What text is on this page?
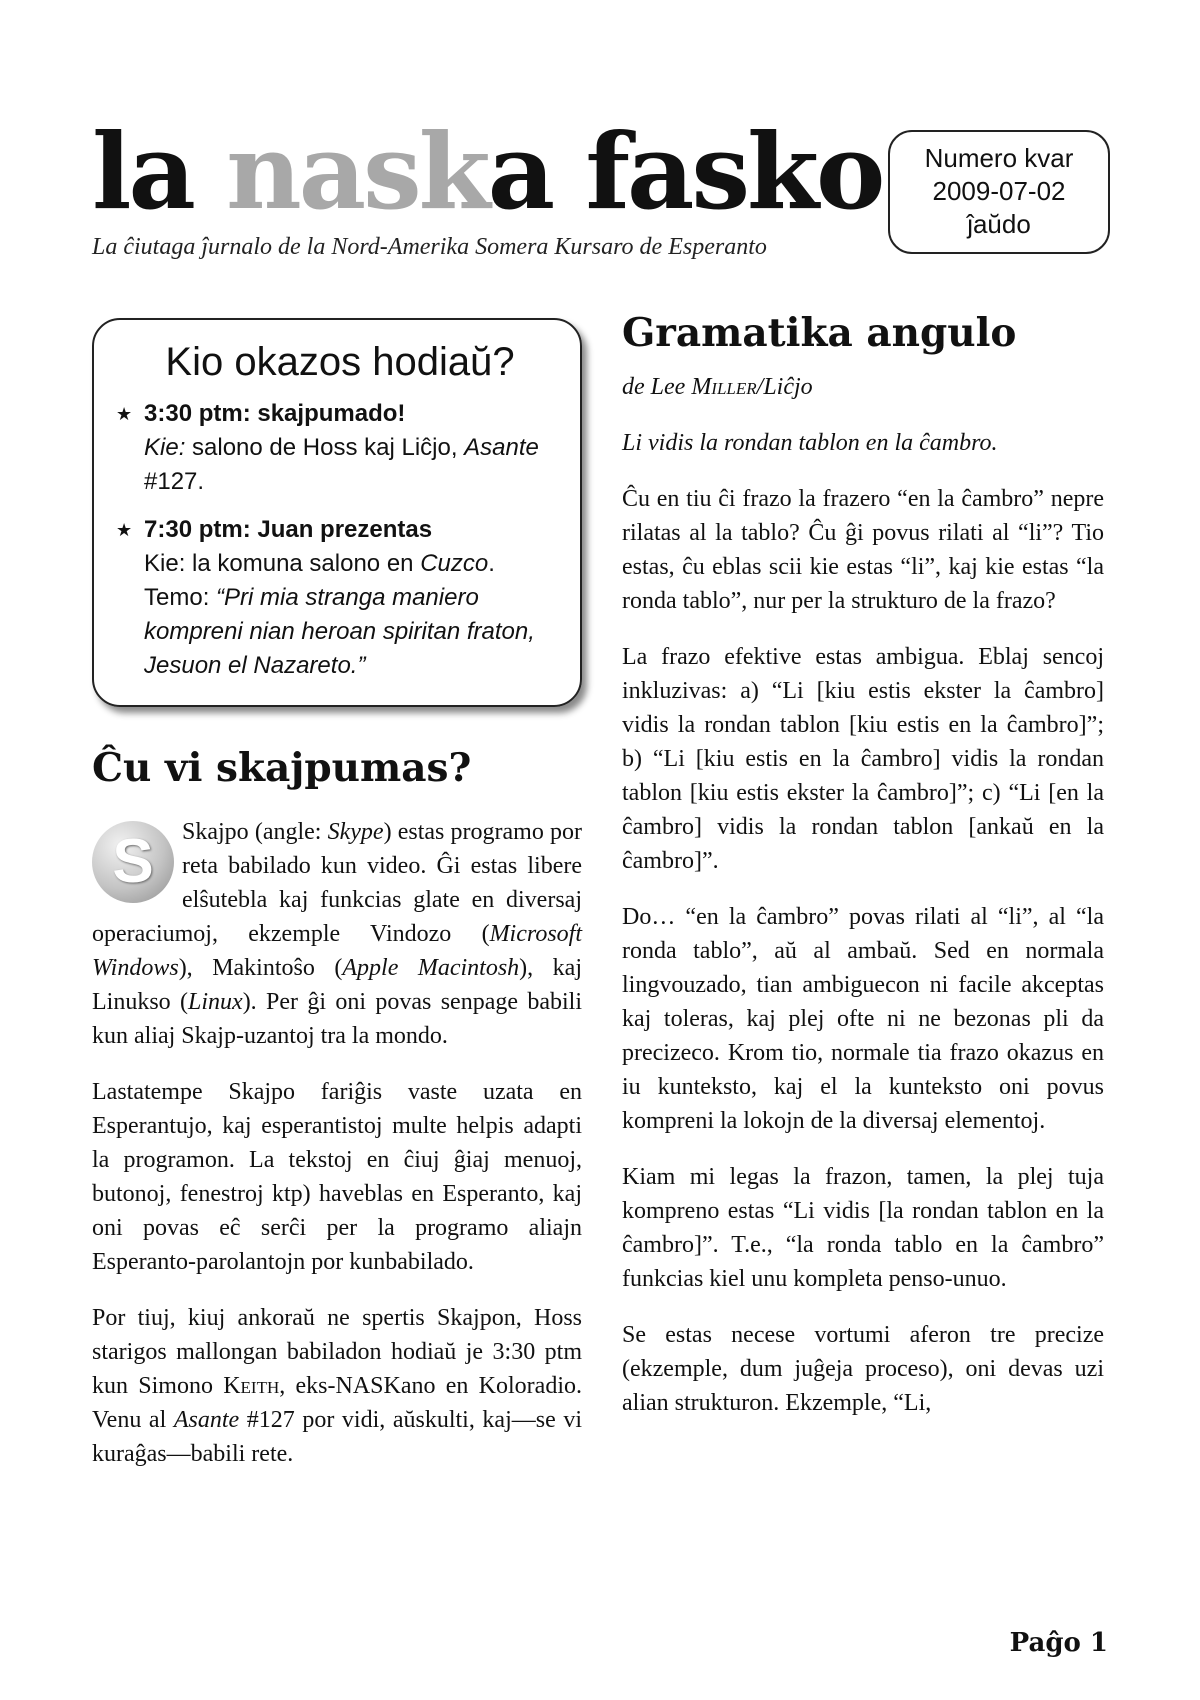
la naska fasko
La ĉiutaga ĵurnalo de la Nord-Amerika Somera Kursaro de Esperanto
Numero kvar
2009-07-02
ĵaŭdo
Kio okazos hodiaŭ?
★ 3:30 ptm: skajpumado!
Kie: salono de Hoss kaj Liĉjo, Asante #127.
★ 7:30 ptm: Juan prezentas
Kie: la komuna salono en Cuzco.
Temo: “Pri mia stranga maniero kompreni nian heroan spiritan fraton, Jesuon el Nazareto.”
Ĉu vi skajpumas?

S	Skajpo (angle: Skype) estas programo por reta babilado kun video. Ĝi estas libere elŝutebla kaj funkcias glate en diversaj operaciumoj, ekzemple Vindozo (Microsoft Windows), Makintoŝo (Apple Macintosh), kaj Linukso (Linux). Per ĝi oni povas senpage babili kun aliaj Skajp-uzantoj tra la mondo.

Lastatempe Skajpo fariĝis vaste uzata en Esperantujo, kaj esperantistoj multe helpis adapti la programon. La tekstoj en ĉiuj ĝiaj menuoj, butonoj, fenestroj ktp) haveblas en Esperanto, kaj oni povas eĉ serĉi per la programo aliajn Esperanto-parolantojn por kunbabilado.

Por tiuj, kiuj ankoraŭ ne spertis Skajpon, Hoss starigos mallongan babiladon hodiaŭ je 3:30 ptm kun Simono Keith, eks-NASKano en Koloradio. Venu al Asante #127 por vidi, aŭskulti, kaj—se vi kuraĝas—babili rete.

Gramatika angulo

de Lee Miller/Liĉjo

Li vidis la rondan tablon en la ĉambro.

Ĉu en tiu ĉi frazo la frazero “en la ĉambro” nepre rilatas al la tablo? Ĉu ĝi povus rilati al “li”? Tio estas, ĉu eblas scii kie estas “li”, kaj kie estas “la ronda tablo”, nur per la strukturo de la frazo?

La frazo efektive estas ambigua. Eblaj sencoj inkluzivas: a) “Li [kiu estis ekster la ĉambro] vidis la rondan tablon [kiu estis en la ĉambro]”; b) “Li [kiu estis en la ĉambro] vidis la rondan tablon [kiu estis ekster la ĉambro]”; c) “Li [en la ĉambro] vidis la rondan tablon [ankaŭ en la ĉambro]”.

Do… “en la ĉambro” povas rilati al “li”, al “la ronda tablo”, aŭ al ambaŭ. Sed en normala lingvouzado, tian ambiguecon ni facile akceptas kaj toleras, kaj plej ofte ni ne bezonas pli da precizeco. Krom tio, normale tia frazo okazus en iu kunteksto, kaj el la kunteksto oni povus kompreni la lokojn de la diversaj elementoj.

Kiam mi legas la frazon, tamen, la plej tuja kompreno estas “Li vidis [la rondan tablon en la ĉambro]”. T.e., “la ronda tablo en la ĉambro” funkcias kiel unu kompleta penso-unuo.

Se estas necese vortumi aferon tre precize (ekzemple, dum juĝeja proceso), oni devas uzi alian strukturon. Ekzemple, “Li,

Paĝo 1
